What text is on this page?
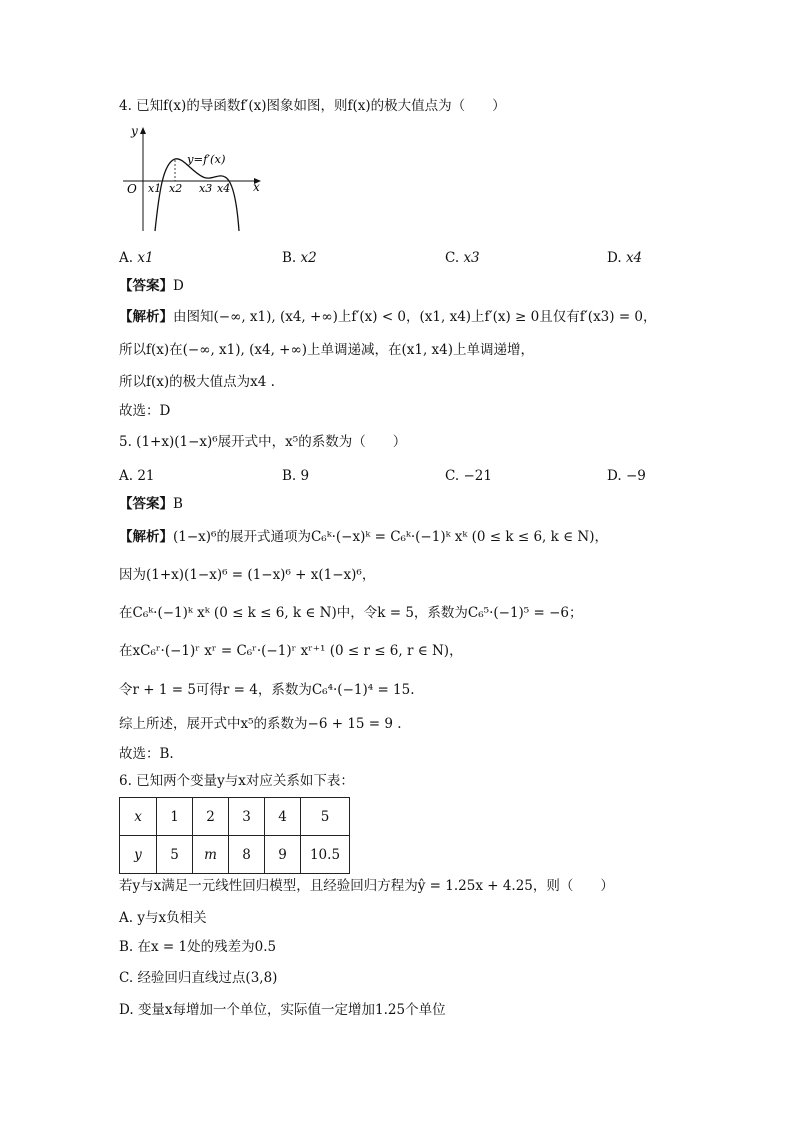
4. 已知f(x)的导函数f′(x)图象如图，则f(x)的极大值点为（　　）
y
x
O
y=f′(x)
x1 x2 x3 x4
A. x1	B. x2	C. x3	D. x4
【答案】D
【解析】由图知(−∞, x1), (x4, +∞)上f′(x) < 0，(x1, x4)上f′(x) ≥ 0且仅有f′(x3) = 0，
所以f(x)在(−∞, x1), (x4, +∞)上单调递减，在(x1, x4)上单调递增，
所以f(x)的极大值点为x4 .
故选：D
5. (1+x)(1−x)⁶展开式中，x⁵的系数为（　　）
A. 21	B. 9	C. −21	D. −9
【答案】B
【解析】(1−x)⁶的展开式通项为C₆ᵏ·(−x)ᵏ = C₆ᵏ·(−1)ᵏ xᵏ (0 ≤ k ≤ 6, k ∈ N)，
因为(1+x)(1−x)⁶ = (1−x)⁶ + x(1−x)⁶，
在C₆ᵏ·(−1)ᵏ xᵏ (0 ≤ k ≤ 6, k ∈ N)中，令k = 5，系数为C₆⁵·(−1)⁵ = −6；
在xC₆ʳ·(−1)ʳ xʳ = C₆ʳ·(−1)ʳ xʳ⁺¹ (0 ≤ r ≤ 6, r ∈ N)，
令r + 1 = 5可得r = 4，系数为C₆⁴·(−1)⁴ = 15.
综上所述，展开式中x⁵的系数为−6 + 15 = 9 .
故选：B.
6. 已知两个变量y与x对应关系如下表：
x	1	2	3	4	5
y	5	m	8	9	10.5
若y与x满足一元线性回归模型，且经验回归方程为ŷ = 1.25x + 4.25，则（　　）
A. y与x负相关
B. 在x = 1处的残差为0.5
C. 经验回归直线过点(3,8)
D. 变量x每增加一个单位，实际值一定增加1.25个单位
